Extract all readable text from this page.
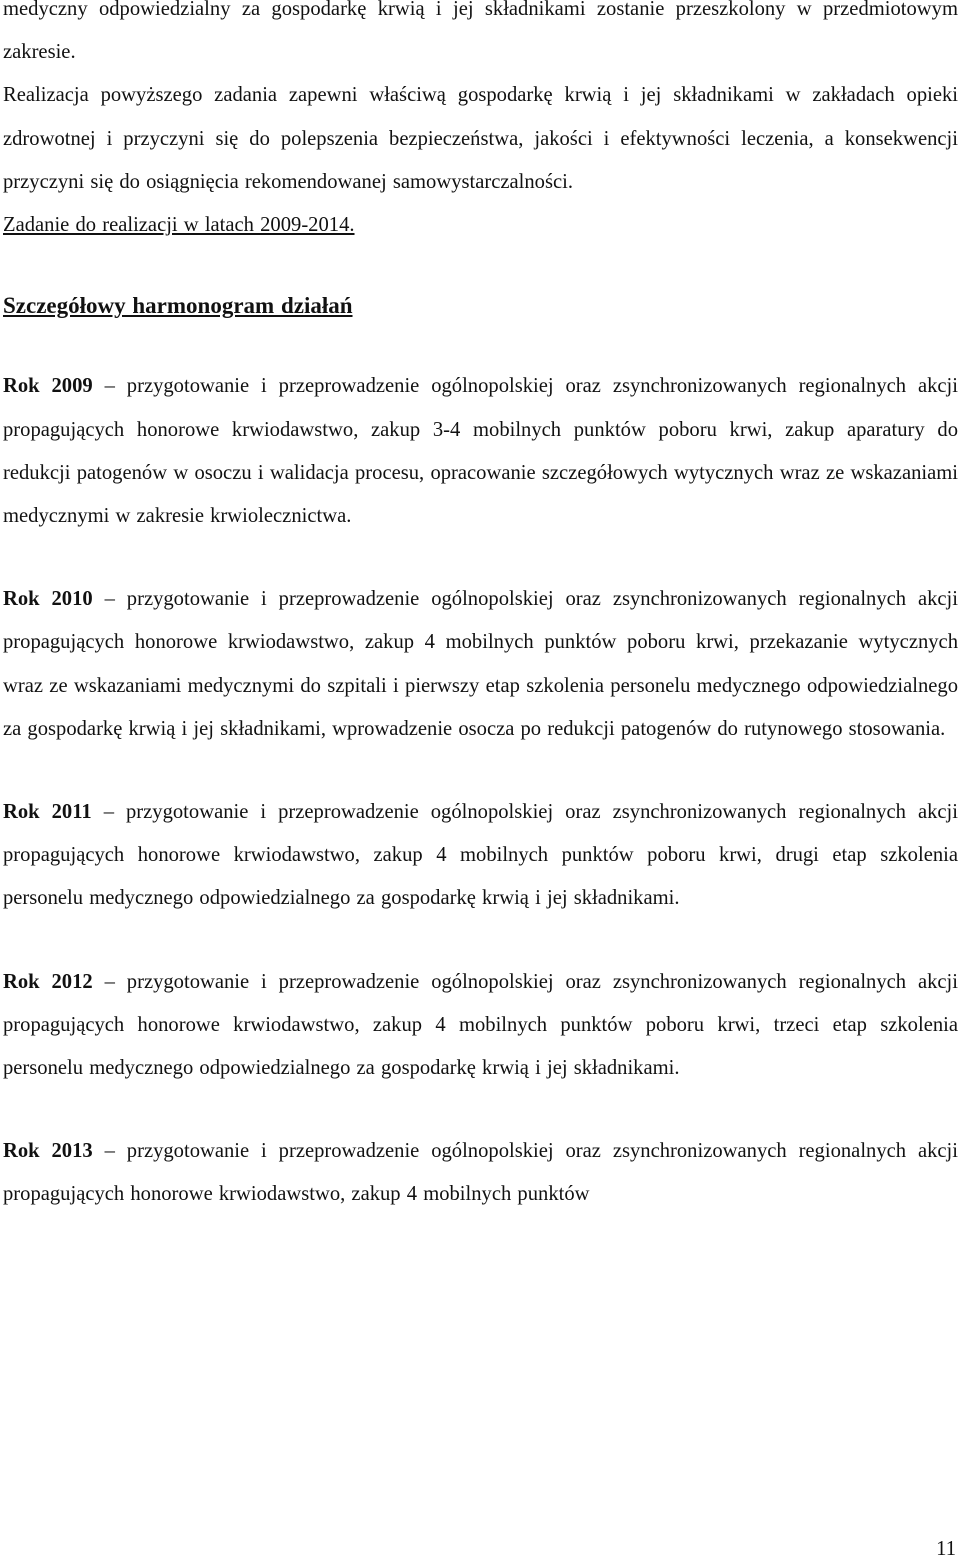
medyczny odpowiedzialny za gospodarkę krwią i jej składnikami zostanie przeszkolony w przedmiotowym zakresie.

Realizacja powyższego zadania zapewni właściwą gospodarkę krwią i jej składnikami w zakładach opieki zdrowotnej i przyczyni się do polepszenia bezpieczeństwa, jakości i efektywności leczenia, a konsekwencji przyczyni się do osiągnięcia rekomendowanej samowystarczalności.

Zadanie do realizacji w latach 2009-2014.

Szczegółowy harmonogram działań

Rok 2009 – przygotowanie i przeprowadzenie ogólnopolskiej oraz zsynchronizowanych regionalnych akcji propagujących honorowe krwiodawstwo, zakup 3-4 mobilnych punktów poboru krwi, zakup aparatury do redukcji patogenów w osoczu i walidacja procesu, opracowanie szczegółowych wytycznych wraz ze wskazaniami medycznymi w zakresie krwiolecznictwa.

Rok 2010 – przygotowanie i przeprowadzenie ogólnopolskiej oraz zsynchronizowanych regionalnych akcji propagujących honorowe krwiodawstwo, zakup 4 mobilnych punktów poboru krwi, przekazanie wytycznych wraz ze wskazaniami medycznymi do szpitali i pierwszy etap szkolenia personelu medycznego odpowiedzialnego za gospodarkę krwią i jej składnikami, wprowadzenie osocza po redukcji patogenów do rutynowego stosowania.

Rok 2011 – przygotowanie i przeprowadzenie ogólnopolskiej oraz zsynchronizowanych regionalnych akcji propagujących honorowe krwiodawstwo, zakup 4 mobilnych punktów poboru krwi, drugi etap szkolenia personelu medycznego odpowiedzialnego za gospodarkę krwią i jej składnikami.

Rok 2012 – przygotowanie i przeprowadzenie ogólnopolskiej oraz zsynchronizowanych regionalnych akcji propagujących honorowe krwiodawstwo, zakup 4 mobilnych punktów poboru krwi, trzeci etap szkolenia personelu medycznego odpowiedzialnego za gospodarkę krwią i jej składnikami.

Rok 2013 – przygotowanie i przeprowadzenie ogólnopolskiej oraz zsynchronizowanych regionalnych akcji propagujących honorowe krwiodawstwo, zakup 4 mobilnych punktów

11
